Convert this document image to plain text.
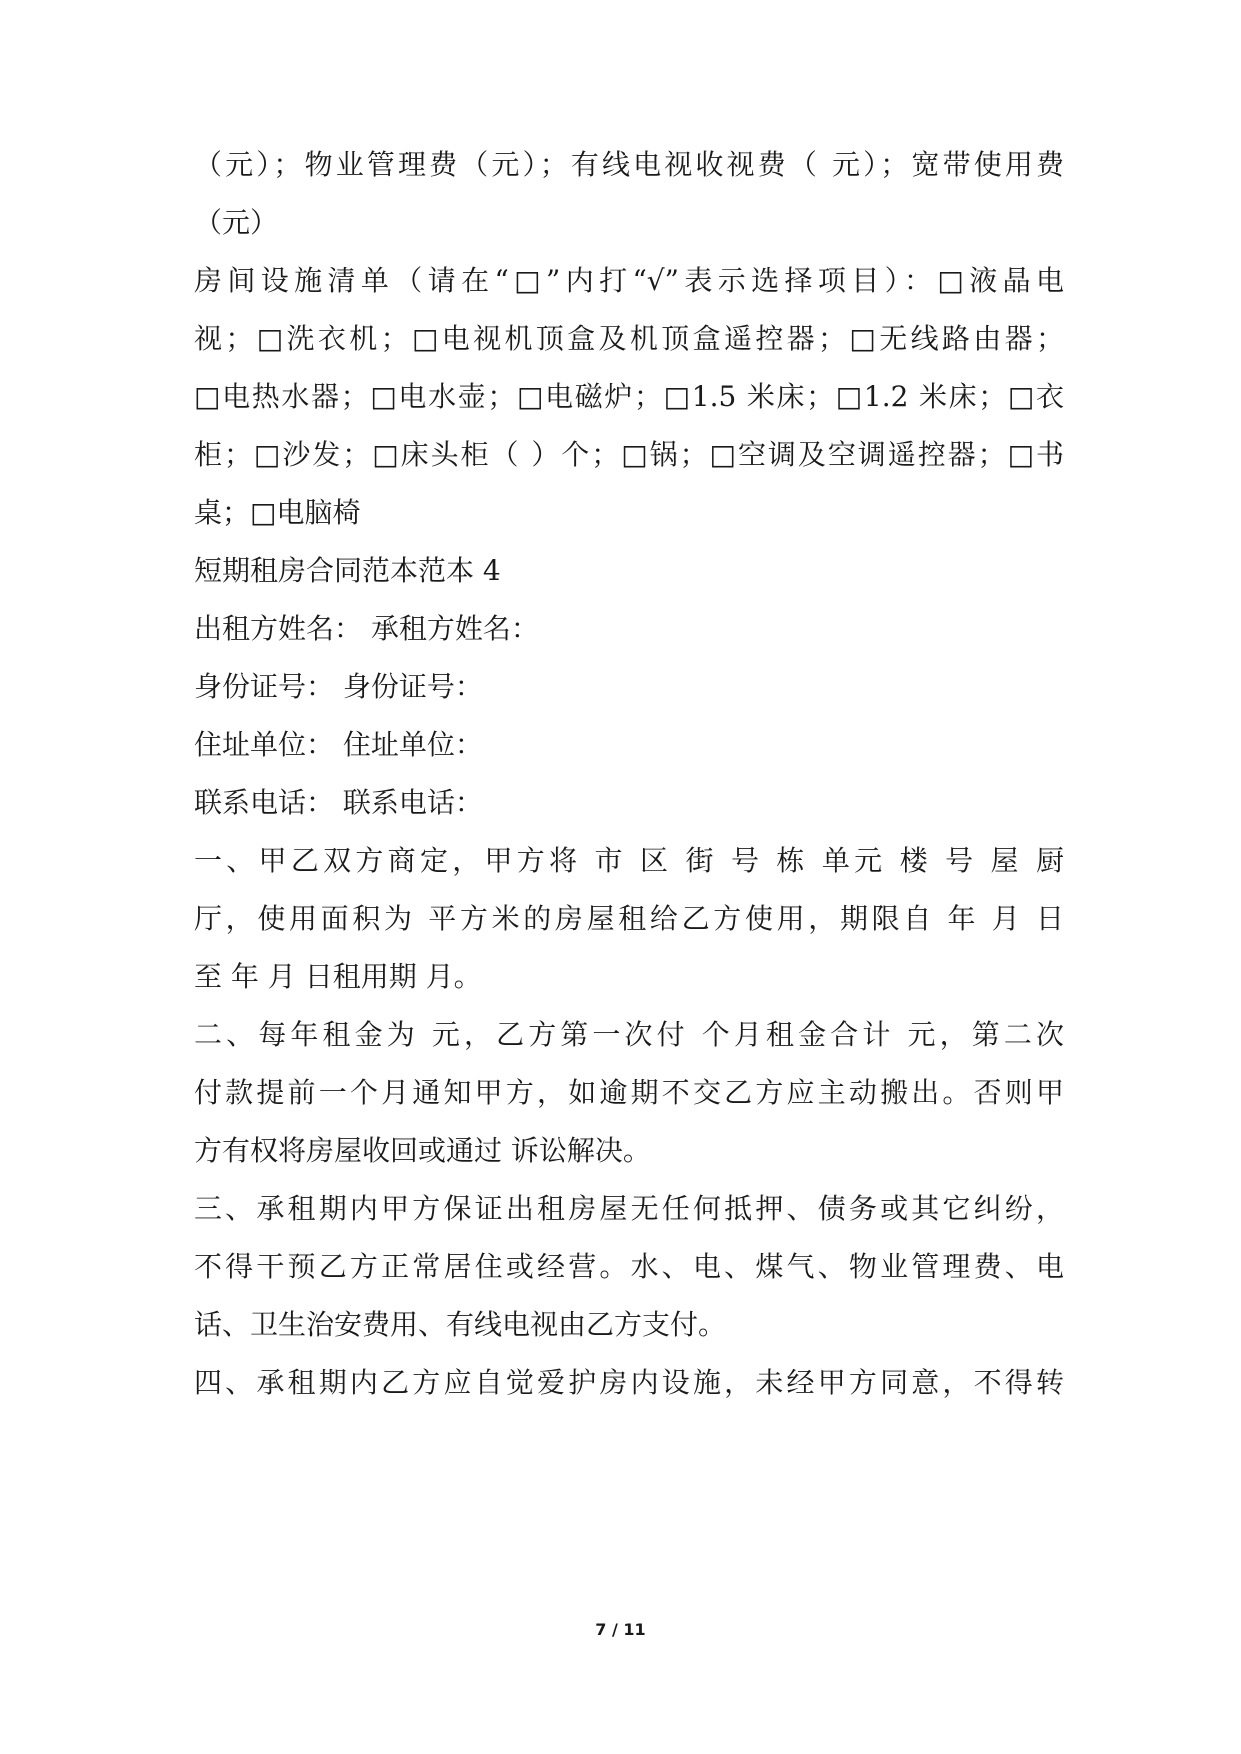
（元）；物业管理费（元）；有线电视收视费（ 元）；宽带使用费
（元）
房间设施清单（请在“□”内打“√”表示选择项目）：□液晶电
视；□洗衣机；□电视机顶盒及机顶盒遥控器；□无线路由器；
□电热水器；□电水壶；□电磁炉；□1.5 米床；□1.2 米床；□衣
柜；□沙发；□床头柜（ ）个；□锅；□空调及空调遥控器；□书
桌；□电脑椅
短期租房合同范本范本 4
出租方姓名： 承租方姓名：
身份证号： 身份证号：
住址单位： 住址单位：
联系电话： 联系电话：
一、甲乙双方商定，甲方将 市 区 街 号 栋 单元 楼 号 屋 厨
厅，使用面积为 平方米的房屋租给乙方使用，期限自 年 月 日
至 年 月 日租用期 月。
二、每年租金为 元，乙方第一次付 个月租金合计 元，第二次
付款提前一个月通知甲方，如逾期不交乙方应主动搬出。否则甲
方有权将房屋收回或通过 诉讼解决。
三、承租期内甲方保证出租房屋无任何抵押、债务或其它纠纷，
不得干预乙方正常居住或经营。水、电、煤气、物业管理费、电
话、卫生治安费用、有线电视由乙方支付。
四、承租期内乙方应自觉爱护房内设施，未经甲方同意，不得转
7 / 11
